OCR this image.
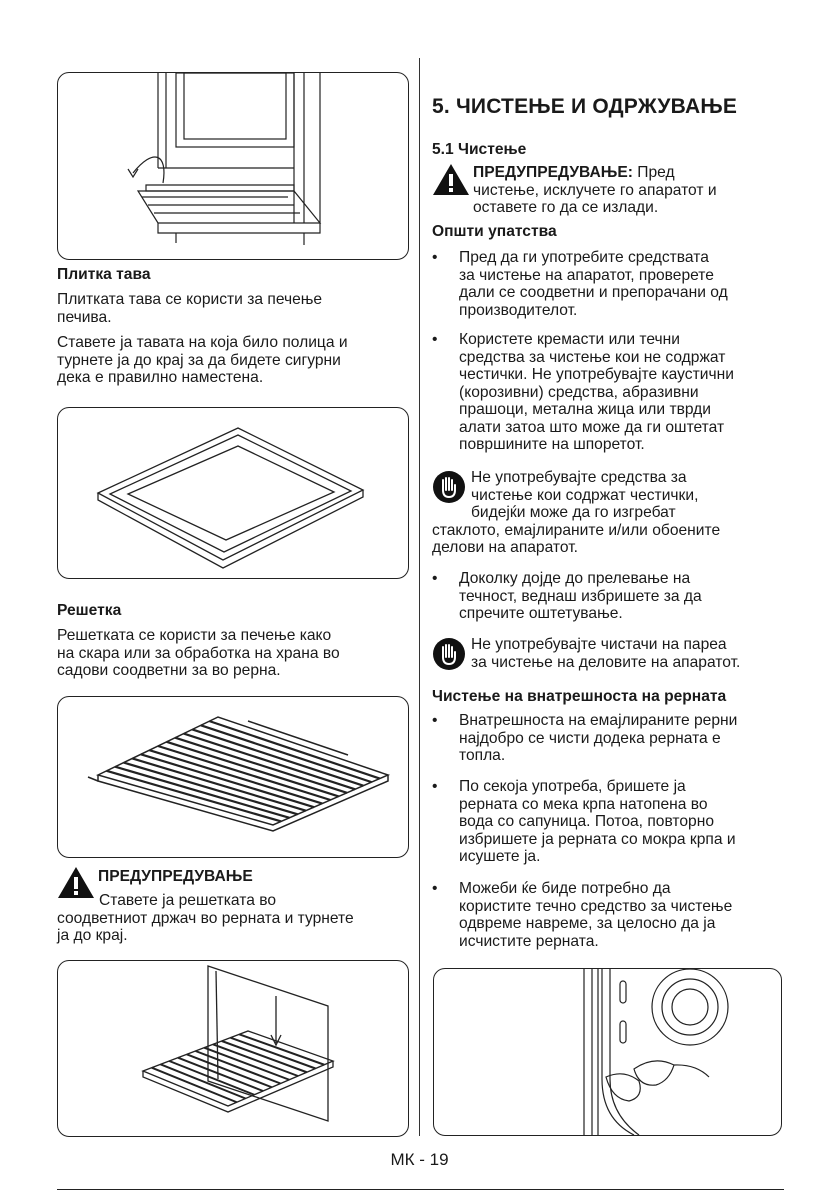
Плитка тава
Плитката тава се користи за печење
печива.
Ставете ја тавата на која било полица и
турнете ја до крај за да бидете сигурни
дека е правилно наместена.
Решетка
Решетката се користи за печење како
на скара или за обработка на храна во
садови соодветни за во рерна.
ПРЕДУПРЕДУВАЊЕ
Ставете ја решетката во
соодветниот држач во рерната и турнете
ја до крај.
5. ЧИСТЕЊЕ И ОДРЖУВАЊЕ
5.1 Чистење
ПРЕДУПРЕДУВАЊЕ: Пред
чистење, исклучете го апаратот и
оставете го да се излади.
Општи упатства
• Пред да ги употребите средствата
за чистење на апаратот, проверете
дали се соодветни и препорачани од
производителот.
• Користете кремасти или течни
средства за чистење кои не содржат
честички. Не употребувајте каустични
(корозивни) средства, абразивни
прашоци, метална жица или тврди
алати затоа што може да ги оштетат
површините на шпоретот.
Не употребувајте средства за
чистење кои содржат честички,
бидејќи може да го изгребат
стаклото, емајлираните и/или обоените
делови на апаратот.
• Доколку дојде до прелевање на
течност, веднаш избришете за да
спречите оштетување.
Не употребувајте чистачи на пареа
за чистење на деловите на апаратот.
Чистење на внатрешноста на рерната
• Внатрешноста на емајлираните рерни
најдобро се чисти додека рерната е
топла.
• По секоја употреба, бришете ја
рерната со мека крпа натопена во
вода со сапуница. Потоа, повторно
избришете ја рерната со мокра крпа и
исушете ја.
• Можеби ќе биде потребно да
користите течно средство за чистење
одвреме навреме, за целосно да ја
исчистите рерната.
МК - 19
